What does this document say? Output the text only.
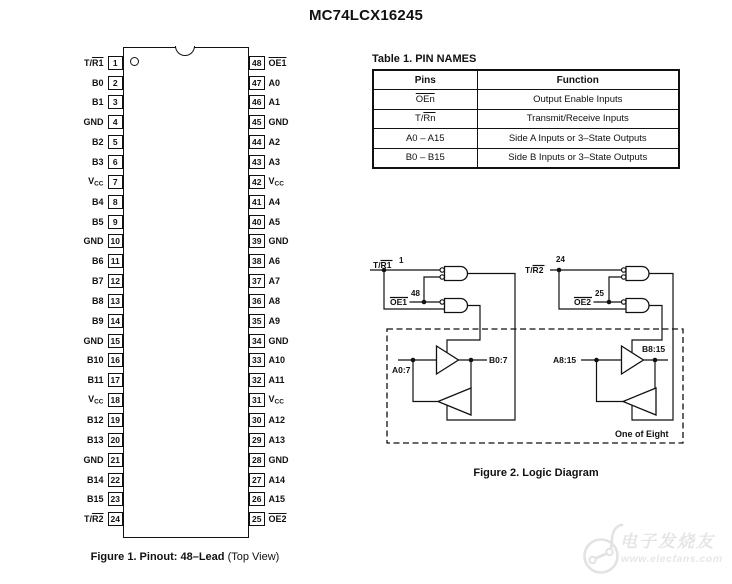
MC74LCX16245
T/R1	1
B0	2
B1	3
GND	4
B2	5
B3	6
VCC	7
B4	8
B5	9
GND 10
B6 11
B7 12
B8 13
B9 14
GND 15
B10 16
B11 17
VCC 18
B12 19
B13 20
GND 21
B14 22
B15 23
T/R2 24
48 OE1
47 A0
46 A1
45 GND
44 A2
43 A3
42 VCC
41 A4
40 A5
39 GND
38 A6
37 A7
36 A8
35 A9
34 GND
33 A10
32 A11
31 VCC
30 A12
29 A13
28 GND
27 A14
26 A15
25 OE2
Figure 1. Pinout: 48–Lead (Top View)
Table 1. PIN NAMES
Pins	Function
$\overline{OEn}$	Output Enable Inputs
$T/\overline{Rn}$	Transmit/Receive Inputs
A0 – A15	Side A Inputs or 3–State Outputs
B0 – B15	Side B Inputs or 3–State Outputs
T/R1 1
OE1
48
A0:7
B0:7
T/R2
24
OE2
25
A8:15
B8:15
One of Eight
Figure 2. Logic Diagram
电子发烧友
www.elecfans.com
